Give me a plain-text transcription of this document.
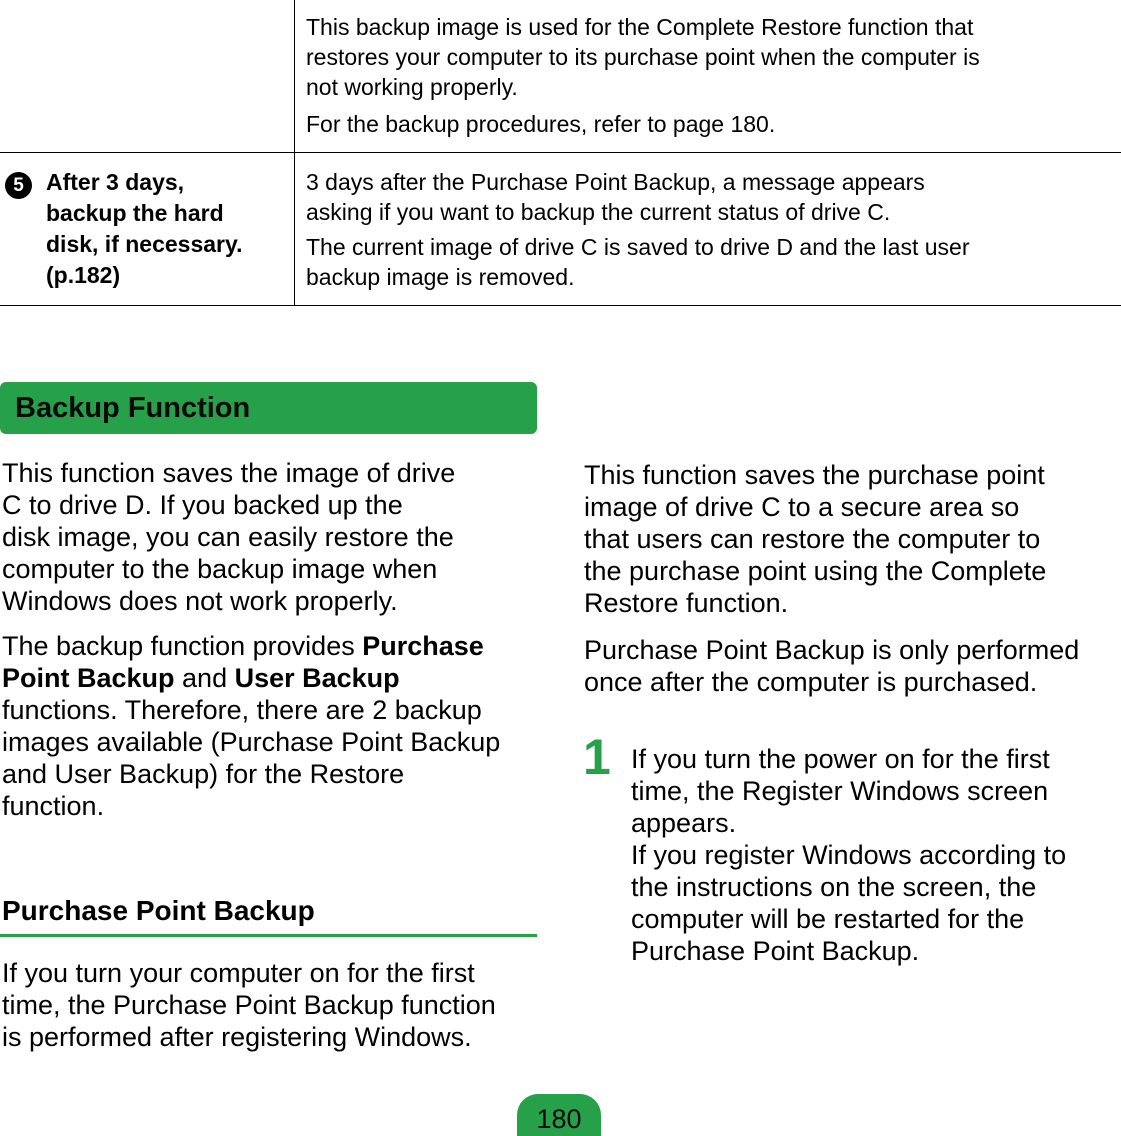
This backup image is used for the Complete Restore function that

restores your computer to its purchase point when the computer is

not working properly.

For the backup procedures, refer to page 180.

5 After 3 days,

backup the hard

disk, if necessary.

(p.182)

3 days after the Purchase Point Backup, a message appears

asking if you want to backup the current status of drive C.

The current image of drive C is saved to drive D and the last user

backup image is removed.

Backup Function

This function saves the image of drive

C to drive D. If you backed up the

disk image, you can easily restore the

computer to the backup image when

Windows does not work properly.

The backup function provides Purchase

Point Backup and User Backup

functions. Therefore, there are 2 backup

images available (Purchase Point Backup

and User Backup) for the Restore

function.

Purchase Point Backup

If you turn your computer on for the first

time, the Purchase Point Backup function

is performed after registering Windows.

This function saves the purchase point

image of drive C to a secure area so

that users can restore the computer to

the purchase point using the Complete

Restore function.

Purchase Point Backup is only performed

once after the computer is purchased.

1 If you turn the power on for the first

time, the Register Windows screen

appears.

If you register Windows according to

the instructions on the screen, the

computer will be restarted for the

Purchase Point Backup.

180
